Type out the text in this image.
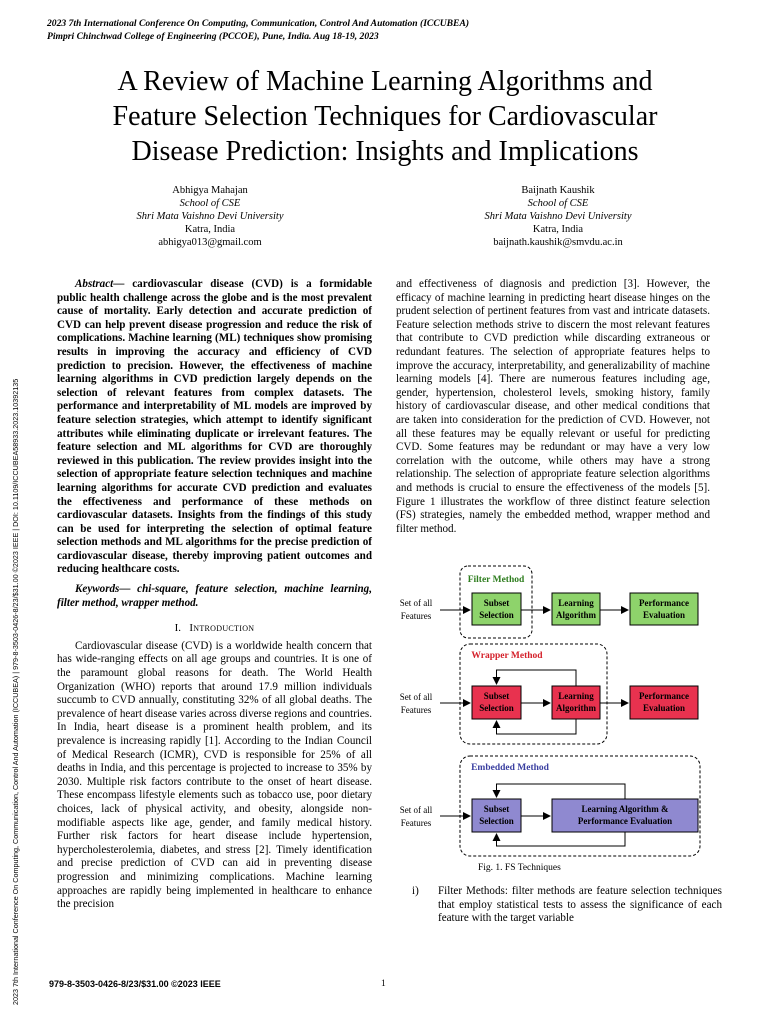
2023 7th International Conference On Computing, Communication, Control And Automation (ICCUBEA)
Pimpri Chinchwad College of Engineering (PCCOE), Pune, India. Aug 18-19, 2023
A Review of Machine Learning Algorithms and
Feature Selection Techniques for Cardiovascular
Disease Prediction: Insights and Implications
Abhigya Mahajan
School of CSE
Shri Mata Vaishno Devi University
Katra, India
abhigya013@gmail.com
Baijnath Kaushik
School of CSE
Shri Mata Vaishno Devi University
Katra, India
baijnath.kaushik@smvdu.ac.in
2023 7th International Conference On Computing, Communication, Control And Automation (ICCUBEA) | 979-8-3503-0426-8/23/$31.00 ©2023 IEEE | DOI: 10.1109/ICCUBEA58933.2023.10392135

Abstract— cardiovascular disease (CVD) is a formidable public health challenge across the globe and is the most prevalent cause of mortality. Early detection and accurate prediction of CVD can help prevent disease progression and reduce the risk of complications. Machine learning (ML) techniques show promising results in improving the accuracy and efficiency of CVD prediction to precision. However, the effectiveness of machine learning algorithms in CVD prediction largely depends on the selection of relevant features from complex datasets. The performance and interpretability of ML models are improved by feature selection strategies, which attempt to identify significant attributes while eliminating duplicate or irrelevant features. The feature selection and ML algorithms for CVD are thoroughly reviewed in this publication. The review provides insight into the selection of appropriate feature selection techniques and machine learning algorithms for accurate CVD prediction and evaluates the effectiveness and performance of these methods on cardiovascular datasets. Insights from the findings of this study can be used for interpreting the selection of optimal feature selection methods and ML algorithms for the precise prediction of cardiovascular disease, thereby improving patient outcomes and reducing healthcare costs.

Keywords— chi-square, feature selection, machine learning, filter method, wrapper method.

I. Introduction

Cardiovascular disease (CVD) is a worldwide health concern that has wide-ranging effects on all age groups and countries. It is one of the paramount global reasons for death. The World Health Organization (WHO) reports that around 17.9 million individuals succumb to CVD annually, constituting 32% of all global deaths. The prevalence of heart disease varies across diverse regions and countries. In India, heart disease is a prominent health problem, and its prevalence is increasing rapidly [1]. According to the Indian Council of Medical Research (ICMR), CVD is responsible for 25% of all deaths in India, and this percentage is projected to increase to 35% by 2030. Multiple risk factors contribute to the onset of heart disease. These encompass lifestyle elements such as tobacco use, poor dietary choices, lack of physical activity, and obesity, alongside non-modifiable aspects like age, gender, and family medical history. Further risk factors for heart disease include hypertension, hypercholesterolemia, diabetes, and stress [2]. Timely identification and precise prediction of CVD can aid in preventing disease progression and minimizing complications. Machine learning approaches are rapidly being implemented in healthcare to enhance the precision

and effectiveness of diagnosis and prediction [3]. However, the efficacy of machine learning in predicting heart disease hinges on the prudent selection of pertinent features from vast and intricate datasets. Feature selection methods strive to discern the most relevant features that contribute to CVD prediction while discarding extraneous or redundant features. The selection of appropriate features helps to improve the accuracy, interpretability, and generalizability of machine learning models [4]. There are numerous features including age, gender, hypertension, cholesterol levels, smoking history, family history of cardiovascular disease, and other medical conditions that are taken into consideration for the prediction of CVD. However, not all these features may be equally relevant or useful for predicting CVD. Some features may be redundant or may have a very low correlation with the outcome, while others may have a strong relationship. The selection of appropriate feature selection algorithms and methods is crucial to ensure the effectiveness of the models [5]. Figure 1 illustrates the workflow of three distinct feature selection (FS) strategies, namely the embedded method, wrapper method and filter method.

Filter Method
Set of all
Features
Subset
Selection
Learning
Algorithm
Performance
Evaluation
Wrapper Method
Set of all
Features
Subset
Selection
Learning
Algorithm
Performance
Evaluation
Embedded Method
Set of all
Features
Subset
Selection
Learning Algorithm &
Performance Evaluation
Fig. 1. FS Techniques
i) Filter Methods: filter methods are feature selection techniques that employ statistical tests to assess the significance of each feature with the target variable
979-8-3503-0426-8/23/$31.00 ©2023 IEEE	1
